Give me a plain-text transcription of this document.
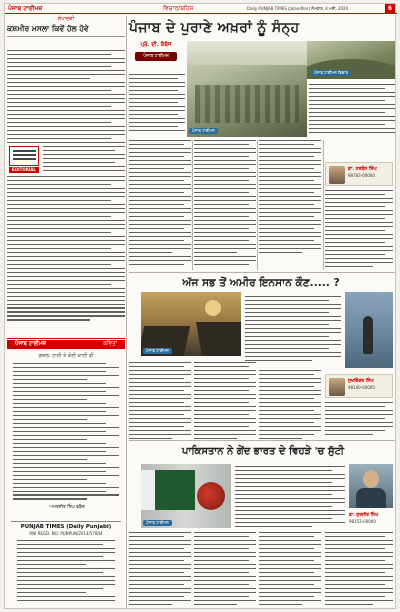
ਪੰਜਾਬ ਟਾਈਮਜ਼	ਵਿਚਾਰ/ਬਹਿਸ	Daily PUNJAB TIMES (Jalandhar) ਸੋਮਵਾਰ, 4 ਮਈ, 2020	6
ਸੰਪਾਦਕੀ
ਕਸ਼ਮੀਰ ਮਸਲਾ ਕਿਵੇਂ ਹੱਲ ਹੋਵੇ
EDITORIAL
ਪੰਜਾਬ ਟਾਈਮਜ਼	ਕਵਿਤਾ
ਗ਼ਜ਼ਲ: ਹਾਲੀ ਤੇ ਕੋਈ ਕਾਲੀ ਵੀ
ਅਮਰਜੀਤ ਸਿੰਘ ਵੜੈਚ
PUNJAB TIMES (Daily Punjabi)
RNI REGD. NO: PUNPUN/2014/57844
ਪੰਜਾਬ ਦੇ ਪੁਰਾਣੇ ਅਖ਼ਰਾਂ ਨੂੰ ਸੰਨ੍ਹ
ਪ੍ਰੋ. ਦੀ. ਕੰਬੋਜ
ਪੰਜਾਬ ਟਾਈਮਜ਼
ਪੰਜਾਬ ਟਾਈਮਜ਼
ਪੰਜਾਬ ਟਾਈਮਜ਼ ਵਿਚਾਰ
ਡਾ. ਹਰਬੰਸ ਸਿੰਘ
98783-00000
ਅੱਜ ਸਭ ਤੋਂ ਅਮੀਰ ਇਨਸਾਨ ਕੌਣ..... ?
ਪੰਜਾਬ ਟਾਈਮਜ਼
ਸੁਖਵਿੰਦਰ ਸਿੰਘ
98140-00000
ਪਾਕਿਸਤਾਨ ਨੇ ਗੇਂਦ ਭਾਰਤ ਦੇ ਵਿਹੜੇ 'ਚ ਸੁੱਟੀ
ਪੰਜਾਬ ਟਾਈਮਜ਼
ਡਾ. ਸੁਰਜੀਤ ਸਿੰਘ
98153-00000
